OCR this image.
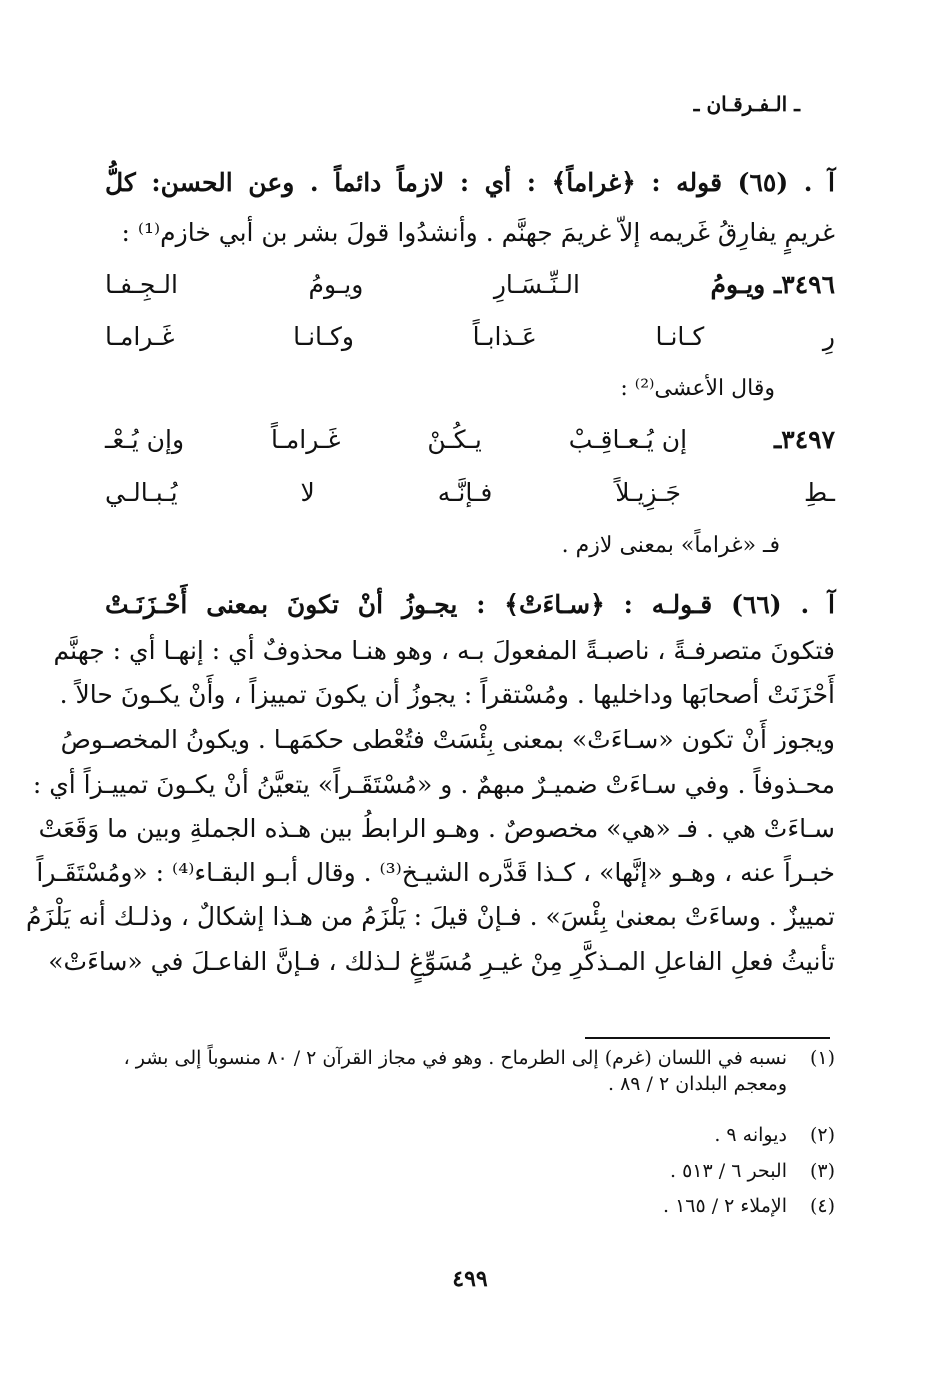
ـ الـفـرقـان ـ
آ . (٦٥) قوله : ﴿غراماً﴾ : أي : لازماً دائماً . وعن الحسن: كلُّ
غريمٍ يفارِقُ غَريمه إلاّ غريمَ جهنَّم . وأنشدُوا قولَ بشر بن أبي خازم⁽¹⁾ :
٣٤٩٦ـ ويـومُ
الـنِّـسَـارِ
ويـومُ
الـجِـفـا
رِ
كـانـا
عَـذابـاً
وكـانـا
غَـرامـا
وقال الأعشى⁽²⁾ :
٣٤٩٧ـ
إن يُـعـاقِـبْ
يـكُـنْ
غَـرامـاً
وإن يُـعْـ
ـطِ
جَـزِيـلاً
فـإنَّـه
لا
يُـبـالـي
فـ «غراماً» بمعنى لازم .
آ . (٦٦) قـولـه : ﴿سـاءَتْ﴾ : يجـوزُ أنْ تكونَ بمعنى أَحْـزَنَـتْ
فتكونَ متصرفـةً ، ناصبـةً المفعولَ بـه ، وهو هنـا محذوفٌ أي : إنهـا أي : جهنَّم
أَحْزَنَتْ أصحابَها وداخليها . ومُسْتقراً : يجوزُ أن يكونَ تمييزاً ، وأَنْ يكـونَ حالاً .
ويجوز أَنْ تكون «سـاءَتْ» بمعنى بِئْسَتْ فتُعْطى حكمَهـا . ويكونُ المخصـوصُ
محـذوفاً . وفي سـاءَتْ ضميـرٌ مبهمٌ . و «مُسْتَقَـراً» يتعيَّنُ أنْ يكـونَ تمييـزاً أي :
سـاءَتْ هي . فـ «هي» مخصوصٌ . وهـو الرابطُ بين هـذه الجملةِ وبين ما وَقَعَتْ
خبـراً عنه ، وهـو «إنَّها» ، كـذا قَدَّره الشيـخ⁽³⁾ . وقال أبـو البقـاء⁽⁴⁾ : «ومُسْتَقَـراً
تمييزٌ . وساءَتْ بمعنىٰ بِئْسَ» . فـإنْ قيلَ : يَلْزَمُ من هـذا إشكالٌ ، وذلـك أنه يَلْزَمُ
تأنيثُ فعلِ الفاعلِ المـذكَّرِ مِنْ غيـرِ مُسَوِّغٍ لـذلك ، فـإنَّ الفاعـلَ في «ساءَتْ»
(١)نسبه في اللسان (غرم) إلى الطرماح . وهو في مجاز القرآن ٢ / ٨٠ منسوباً إلى بشر ،
ومعجم البلدان ٢ / ٨٩ .
(٢)ديوانه ٩ .
(٣)البحر ٦ / ٥١٣ .
(٤)الإملاء ٢ / ١٦٥ .
٤٩٩
